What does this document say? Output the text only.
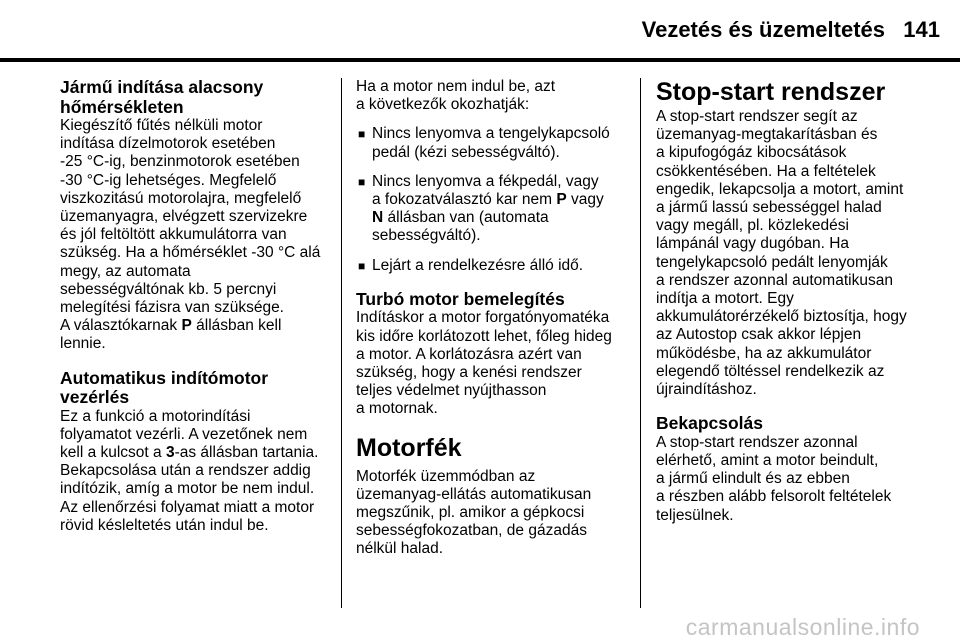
Vezetés és üzemeltetés 141
Jármű indítása alacsony
hőmérsékleten
Kiegészítő fűtés nélküli motor
indítása dízelmotorok esetében
-25 °C-ig, benzinmotorok esetében
-30 °C-ig lehetséges. Megfelelő
viszkozitású motorolajra, megfelelő
üzemanyagra, elvégzett szervizekre
és jól feltöltött akkumulátorra van
szükség. Ha a hőmérséklet -30 °C alá
megy, az automata
sebességváltónak kb. 5 percnyi
melegítési fázisra van szüksége.
A választókarnak P állásban kell
lennie.
Automatikus indítómotor
vezérlés
Ez a funkció a motorindítási
folyamatot vezérli. A vezetőnek nem
kell a kulcsot a 3-as állásban tartania.
Bekapcsolása után a rendszer addig
indítózik, amíg a motor be nem indul.
Az ellenőrzési folyamat miatt a motor
rövid késleltetés után indul be.
Ha a motor nem indul be, azt
a következők okozhatják:
■ Nincs lenyomva a tengelykapcsoló
pedál (kézi sebességváltó).
■ Nincs lenyomva a fékpedál, vagy
a fokozatválasztó kar nem P vagy
N állásban van (automata
sebességváltó).
■ Lejárt a rendelkezésre álló idő.
Turbó motor bemelegítés
Indításkor a motor forgatónyomatéka
kis időre korlátozott lehet, főleg hideg
a motor. A korlátozásra azért van
szükség, hogy a kenési rendszer
teljes védelmet nyújthasson
a motornak.
Motorfék
Motorfék üzemmódban az
üzemanyag-ellátás automatikusan
megszűnik, pl. amikor a gépkocsi
sebességfokozatban, de gázadás
nélkül halad.
Stop-start rendszer
A stop-start rendszer segít az
üzemanyag-megtakarításban és
a kipufogógáz kibocsátások
csökkentésében. Ha a feltételek
engedik, lekapcsolja a motort, amint
a jármű lassú sebességgel halad
vagy megáll, pl. közlekedési
lámpánál vagy dugóban. Ha
tengelykapcsoló pedált lenyomják
a rendszer azonnal automatikusan
indítja a motort. Egy
akkumulátorérzékelő biztosítja, hogy
az Autostop csak akkor lépjen
működésbe, ha az akkumulátor
elegendő töltéssel rendelkezik az
újraindításhoz.
Bekapcsolás
A stop-start rendszer azonnal
elérhető, amint a motor beindult,
a jármű elindult és az ebben
a részben alább felsorolt feltételek
teljesülnek.
carmanualsonline.info
